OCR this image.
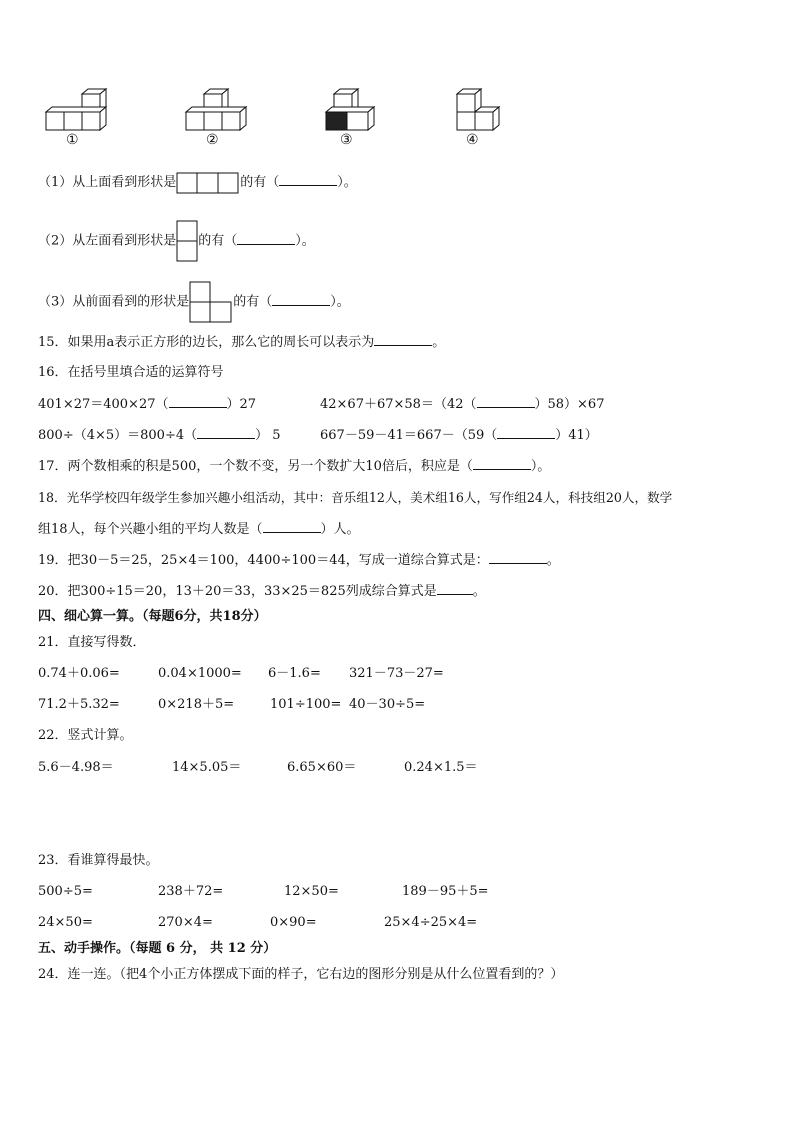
①	②	③	④
（1）从上面看到形状是	的有（	）。
（2）从左面看到形状是 的有（	）。
（3）从前面看到的形状是	的有（	）。
15．如果用a表示正方形的边长，那么它的周长可以表示为	。
16．在括号里填合适的运算符号
401×27＝400×27（	）27	42×67＋67×58＝（42（	）58）×67
800÷（4×5）＝800÷4（	） 5	667－59－41＝667－（59（	）41）
17．两个数相乘的积是500，一个数不变，另一个数扩大10倍后，积应是（	）。
18．光华学校四年级学生参加兴趣小组活动，其中：音乐组12人，美术组16人，写作组24人，科技组20人，数学
组18人，每个兴趣小组的平均人数是（	）人。
19．把30－5＝25，25×4＝100，4400÷100＝44，写成一道综合算式是：	。
20．把300÷15＝20，13＋20＝33，33×25＝825列成综合算式是	。
四、细心算一算。（每题6分，共18分）
21．直接写得数．
0.74＋0.06=	0.04×1000= 6－1.6= 321－73－27=
71.2＋5.32=	0×218＋5=	101÷100= 40－30÷5=
22．竖式计算。
5.6－4.98＝	14×5.05＝	6.65×60＝	0.24×1.5＝
23．看谁算得最快。
500÷5=	238＋72=	12×50=	189－95＋5=
24×50=	270×4=	0×90=	25×4÷25×4=
五、动手操作。（每题 6 分， 共 12 分）
24．连一连。（把4个小正方体摆成下面的样子，它右边的图形分别是从什么位置看到的？）
